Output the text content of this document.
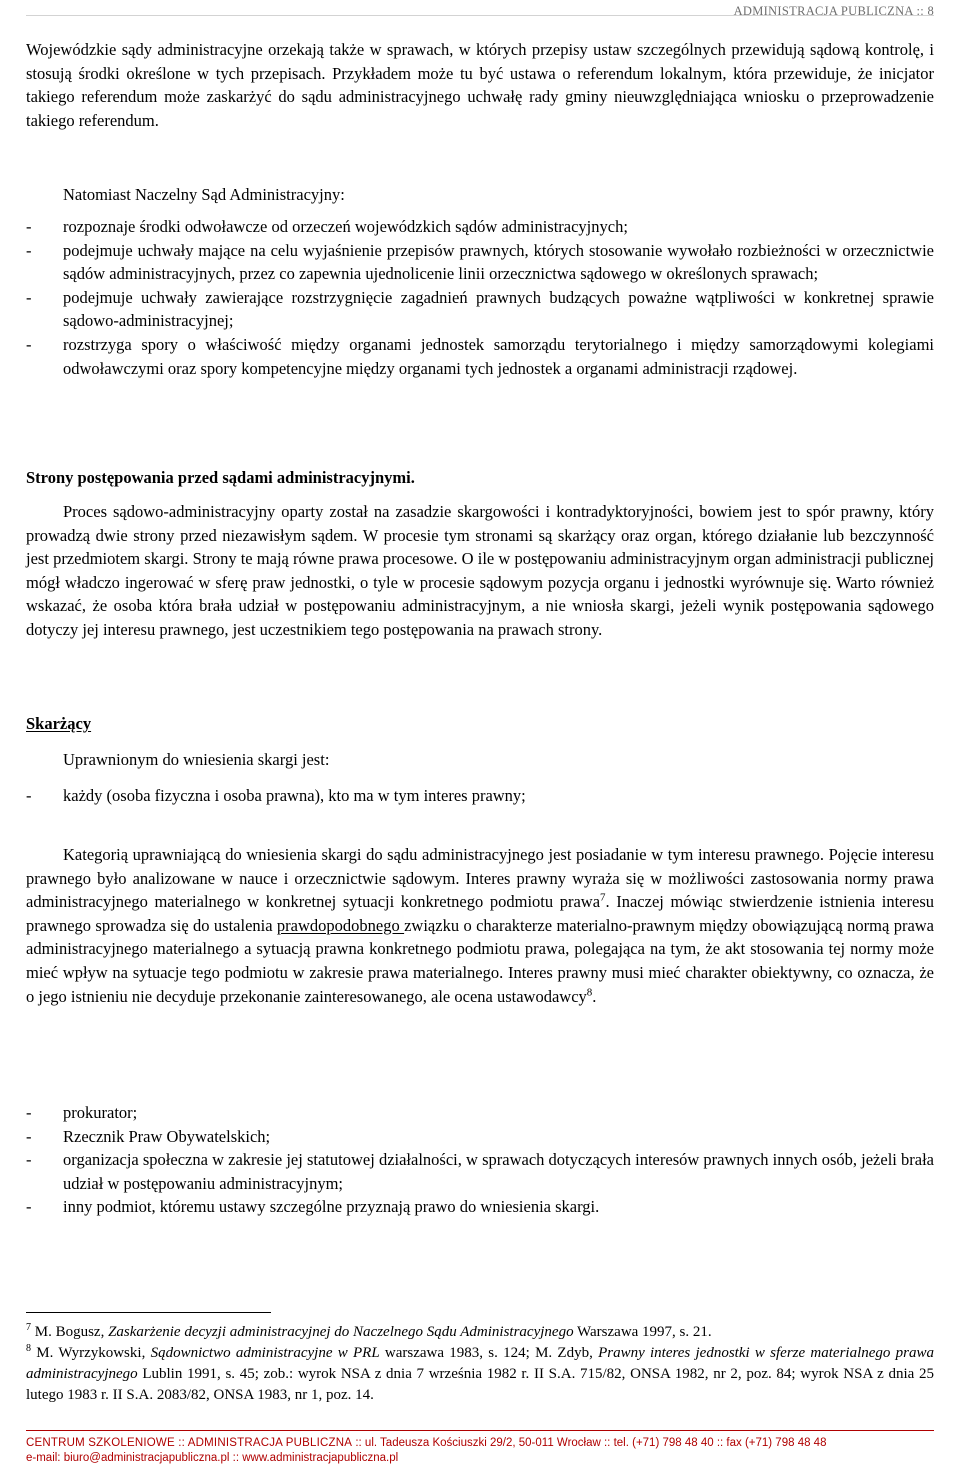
ADMINISTRACJA PUBLICZNA :: 8

Wojewódzkie sądy administracyjne orzekają także w sprawach, w których przepisy ustaw szczególnych przewidują sądową kontrolę, i stosują środki określone w tych przepisach. Przykładem może tu być ustawa o referendum lokalnym, która przewiduje, że inicjator takiego referendum może zaskarżyć do sądu administracyjnego uchwałę rady gminy nieuwzględniająca wniosku o przeprowadzenie takiego referendum.

Natomiast Naczelny Sąd Administracyjny:

- rozpoznaje środki odwoławcze od orzeczeń wojewódzkich sądów administracyjnych;
- podejmuje uchwały mające na celu wyjaśnienie przepisów prawnych, których stosowanie wywołało rozbieżności w orzecznictwie sądów administracyjnych, przez co zapewnia ujednolicenie linii orzecznictwa sądowego w określonych sprawach;
- podejmuje uchwały zawierające rozstrzygnięcie zagadnień prawnych budzących poważne wątpliwości w konkretnej sprawie sądowo-administracyjnej;
- rozstrzyga spory o właściwość między organami jednostek samorządu terytorialnego i między samorządowymi kolegiami odwoławczymi oraz spory kompetencyjne między organami tych jednostek a organami administracji rządowej.
Strony postępowania przed sądami administracyjnymi.

Proces sądowo-administracyjny oparty został na zasadzie skargowości i kontradyktoryjności, bowiem jest to spór prawny, który prowadzą dwie strony przed niezawisłym sądem. W procesie tym stronami są skarżący oraz organ, którego działanie lub bezczynność jest przedmiotem skargi. Strony te mają równe prawa procesowe. O ile w postępowaniu administracyjnym organ administracji publicznej mógł władczo ingerować w sferę praw jednostki, o tyle w procesie sądowym pozycja organu i jednostki wyrównuje się. Warto również wskazać, że osoba która brała udział w postępowaniu administracyjnym, a nie wniosła skargi, jeżeli wynik postępowania sądowego dotyczy jej interesu prawnego, jest uczestnikiem tego postępowania na prawach strony.

Skarżący

Uprawnionym do wniesienia skargi jest:

- każdy (osoba fizyczna i osoba prawna), kto ma w tym interes prawny;

Kategorią uprawniającą do wniesienia skargi do sądu administracyjnego jest posiadanie w tym interesu prawnego. Pojęcie interesu prawnego było analizowane w nauce i orzecznictwie sądowym. Interes prawny wyraża się w możliwości zastosowania normy prawa administracyjnego materialnego w konkretnej sytuacji konkretnego podmiotu prawa$^7$. Inaczej mówiąc stwierdzenie istnienia interesu prawnego sprowadza się do ustalenia prawdopodobnego związku o charakterze materialno-prawnym między obowiązującą normą prawa administracyjnego materialnego a sytuacją prawna konkretnego podmiotu prawa, polegająca na tym, że akt stosowania tej normy może mieć wpływ na sytuacje tego podmiotu w zakresie prawa materialnego. Interes prawny musi mieć charakter obiektywny, co oznacza, że o jego istnieniu nie decyduje przekonanie zainteresowanego, ale ocena ustawodawcy$^8$.

- prokurator;
- Rzecznik Praw Obywatelskich;
- organizacja społeczna w zakresie jej statutowej działalności, w sprawach dotyczących interesów prawnych innych osób, jeżeli brała udział w postępowaniu administracyjnym;
- inny podmiot, któremu ustawy szczególne przyznają prawo do wniesienia skargi.

$^7$ M. Bogusz, Zaskarżenie decyzji administracyjnej do Naczelnego Sądu Administracyjnego Warszawa 1997, s. 21.

$^8$ M. Wyrzykowski, Sądownictwo administracyjne w PRL warszawa 1983, s. 124; M. Zdyb, Prawny interes jednostki w sferze materialnego prawa administracyjnego Lublin 1991, s. 45; zob.: wyrok NSA z dnia 7 września 1982 r. II S.A. 715/82, ONSA 1982, nr 2, poz. 84; wyrok NSA z dnia 25 lutego 1983 r. II S.A. 2083/82, ONSA 1983, nr 1, poz. 14.

CENTRUM SZKOLENIOWE :: ADMINISTRACJA PUBLICZNA :: ul. Tadeusza Kościuszki 29/2, 50-011 Wrocław :: tel. (+71) 798 48 40 :: fax (+71) 798 48 48
e-mail: biuro@administracjapubliczna.pl :: www.administracjapubliczna.pl
